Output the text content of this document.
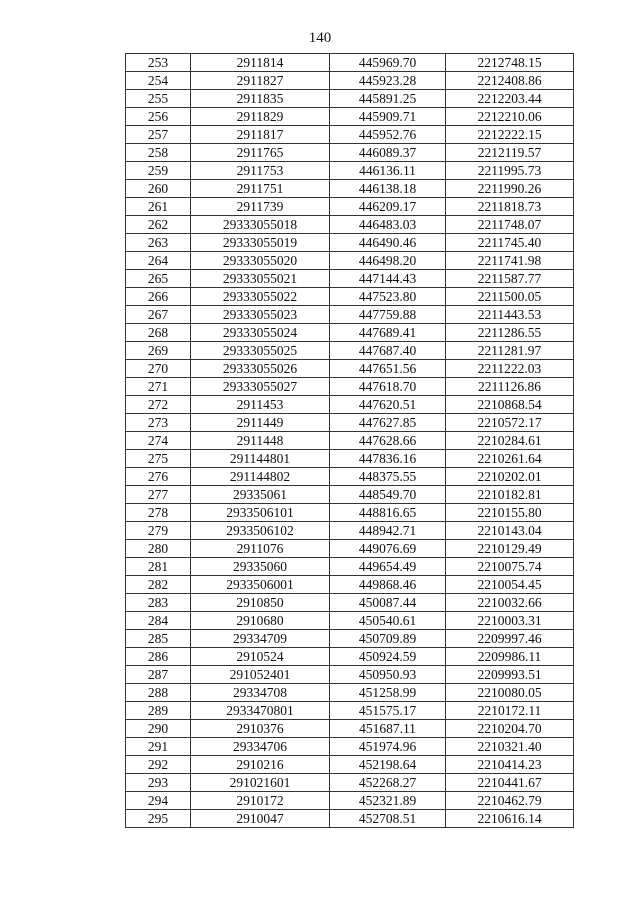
140
253	2911814	445969.70	2212748.15
254	2911827	445923.28	2212408.86
255	2911835	445891.25	2212203.44
256	2911829	445909.71	2212210.06
257	2911817	445952.76	2212222.15
258	2911765	446089.37	2212119.57
259	2911753	446136.11	2211995.73
260	2911751	446138.18	2211990.26
261	2911739	446209.17	2211818.73
262	29333055018	446483.03	2211748.07
263	29333055019	446490.46	2211745.40
264	29333055020	446498.20	2211741.98
265	29333055021	447144.43	2211587.77
266	29333055022	447523.80	2211500.05
267	29333055023	447759.88	2211443.53
268	29333055024	447689.41	2211286.55
269	29333055025	447687.40	2211281.97
270	29333055026	447651.56	2211222.03
271	29333055027	447618.70	2211126.86
272	2911453	447620.51	2210868.54
273	2911449	447627.85	2210572.17
274	2911448	447628.66	2210284.61
275	291144801	447836.16	2210261.64
276	291144802	448375.55	2210202.01
277	29335061	448549.70	2210182.81
278	2933506101	448816.65	2210155.80
279	2933506102	448942.71	2210143.04
280	2911076	449076.69	2210129.49
281	29335060	449654.49	2210075.74
282	2933506001	449868.46	2210054.45
283	2910850	450087.44	2210032.66
284	2910680	450540.61	2210003.31
285	29334709	450709.89	2209997.46
286	2910524	450924.59	2209986.11
287	291052401	450950.93	2209993.51
288	29334708	451258.99	2210080.05
289	2933470801	451575.17	2210172.11
290	2910376	451687.11	2210204.70
291	29334706	451974.96	2210321.40
292	2910216	452198.64	2210414.23
293	291021601	452268.27	2210441.67
294	2910172	452321.89	2210462.79
295	2910047	452708.51	2210616.14
